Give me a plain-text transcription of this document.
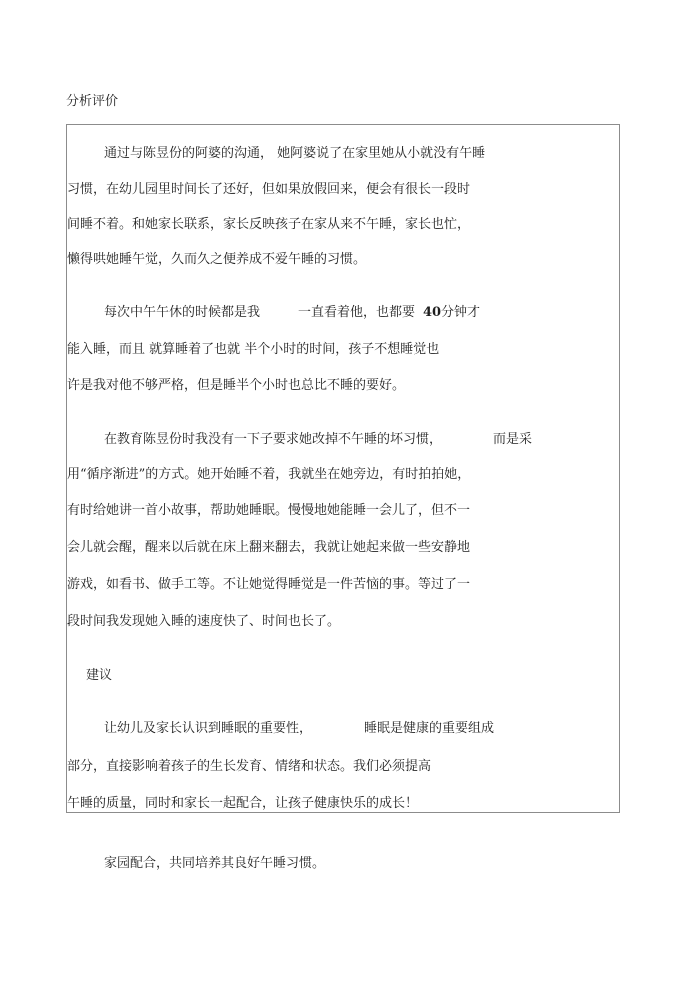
分析评价
通过与陈昱份的阿婆的沟通， 她阿婆说了在家里她从小就没有午睡
习惯，在幼儿园里时间长了还好，但如果放假回来，便会有很长一段时
间睡不着。和她家长联系，家长反映孩子在家从来不午睡，家长也忙，
懒得哄她睡午觉，久而久之便养成不爱午睡的习惯。
每次中午午休的时候都是我	一直看着他，也都要 40 分钟才
能入睡，而且 就算睡着了也就 半个小时的时间，孩子不想睡觉也
许是我对他不够严格，但是睡半个小时也总比不睡的要好。
在教育陈昱份时我没有一下子要求她改掉不午睡的坏习惯，	而是采
用“循序渐进”的方式。她开始睡不着，我就坐在她旁边，有时拍拍她，
有时给她讲一首小故事，帮助她睡眠。慢慢地她能睡一会儿了，但不一
会儿就会醒，醒来以后就在床上翻来翻去，我就让她起来做一些安静地
游戏，如看书、做手工等。不让她觉得睡觉是一件苦恼的事。等过了一
段时间我发现她入睡的速度快了、时间也长了。
建议
让幼儿及家长认识到睡眠的重要性，	睡眠是健康的重要组成
部分，直接影响着孩子的生长发育、情绪和状态。我们必须提高
午睡的质量，同时和家长一起配合，让孩子健康快乐的成长！
家园配合，共同培养其良好午睡习惯。
